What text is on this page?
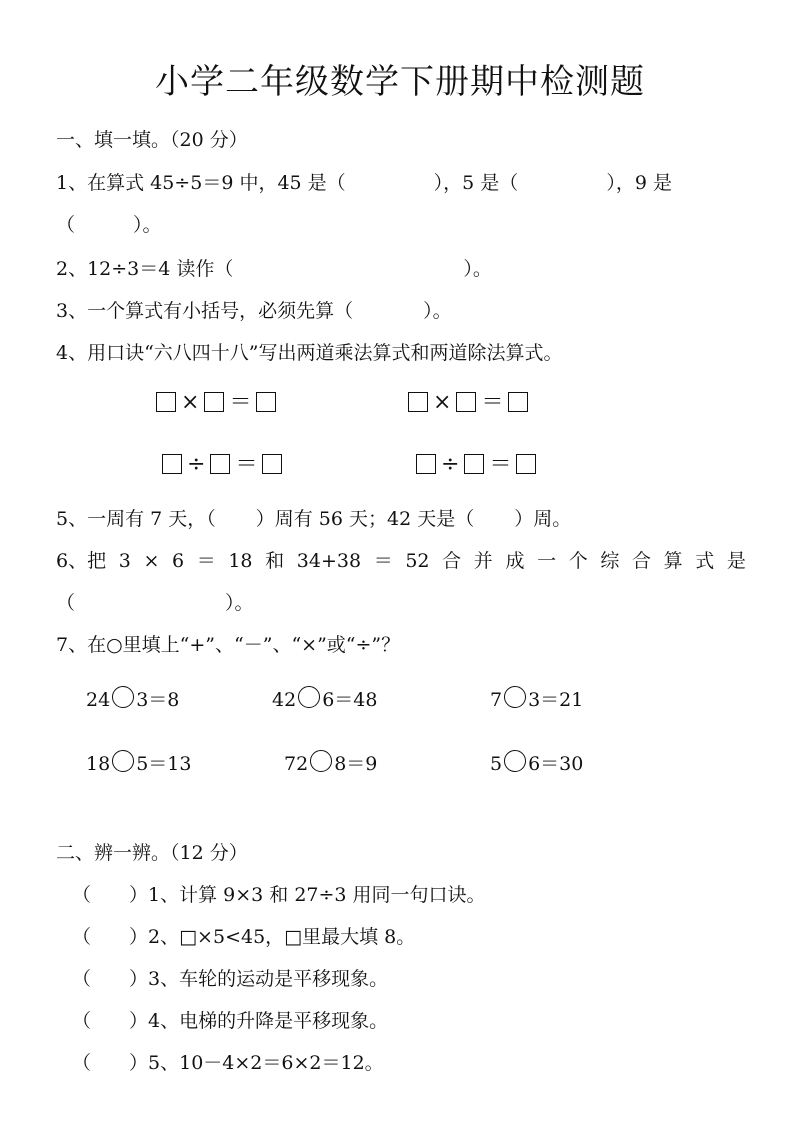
小学二年级数学下册期中检测题
一、填一填。（20 分）
1、在算式 45÷5＝9 中，45 是（	），5 是（	），9 是
（	）。
2、12÷3＝4 读作（	）。
3、一个算式有小括号，必须先算（	）。
4、用口诀“六八四十八”写出两道乘法算式和两道除法算式。
× ＝	× ＝
÷ ＝	÷ ＝
5、一周有 7 天，（ ）周有 56 天；42 天是（ ）周。
6、把 3 × 6 ＝ 18 和 34+38 ＝ 52 合 并 成 一 个 综 合 算 式 是
（	）。
7、在○里填上“+”、“－”、“×”或“÷”？
24 3＝8	42 6＝48	7 3＝21
18 5＝13	72 8＝9	5 6＝30
二、辨一辨。（12 分）
（ ）1、计算 9×3 和 27÷3 用同一句口诀。
（ ）2、□×5<45，□里最大填 8。
（ ）3、车轮的运动是平移现象。
（ ）4、电梯的升降是平移现象。
（ ）5、10－4×2＝6×2＝12。
